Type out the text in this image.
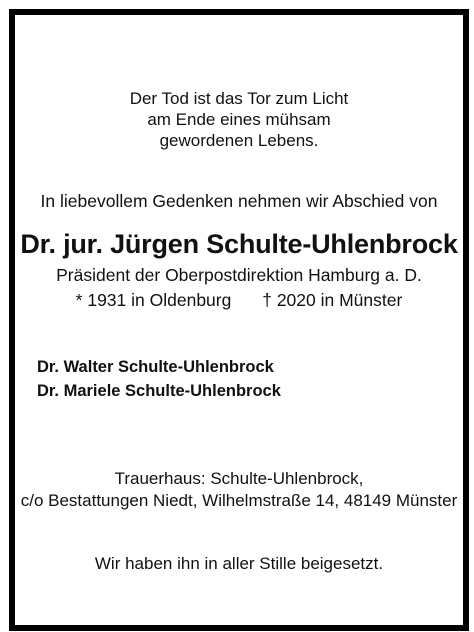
Der Tod ist das Tor zum Licht
am Ende eines mühsam
gewordenen Lebens.
In liebevollem Gedenken nehmen wir Abschied von
Dr. jur. Jürgen Schulte-Uhlenbrock
Präsident der Oberpostdirektion Hamburg a. D.
* 1931 in Oldenburg † 2020 in Münster
Dr. Walter Schulte-Uhlenbrock
Dr. Mariele Schulte-Uhlenbrock
Trauerhaus: Schulte-Uhlenbrock,
c/o Bestattungen Niedt, Wilhelmstraße 14, 48149 Münster
Wir haben ihn in aller Stille beigesetzt.
